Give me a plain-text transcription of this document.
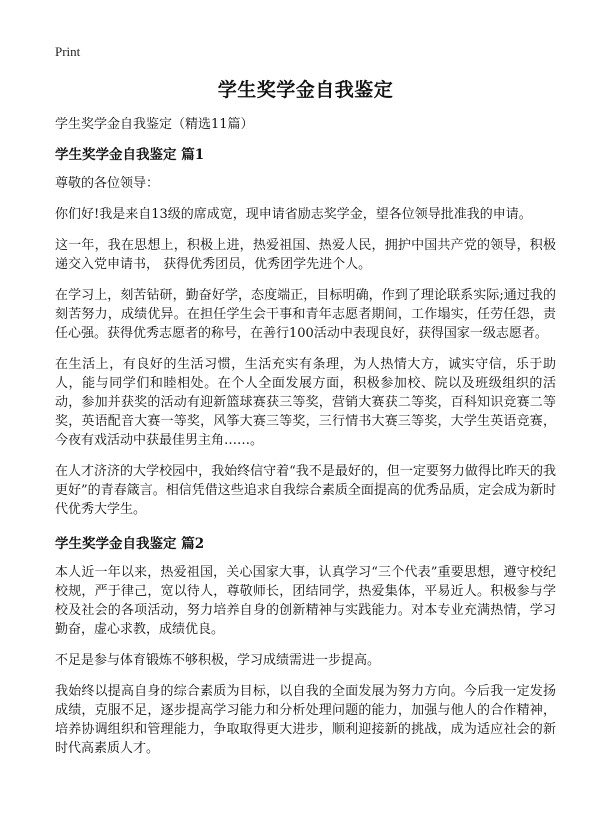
Print
学生奖学金自我鉴定
学生奖学金自我鉴定（精选11篇）
学生奖学金自我鉴定 篇1

尊敬的各位领导：

你们好!我是来自13级的席成宽，现申请省励志奖学金，望各位领导批准我的申请。

这一年，我在思想上，积极上进，热爱祖国、热爱人民，拥护中国共产党的领导，积极递交入党申请书， 获得优秀团员，优秀团学先进个人。

在学习上，刻苦钻研，勤奋好学，态度端正，目标明确，作到了理论联系实际;通过我的刻苦努力，成绩优异。在担任学生会干事和青年志愿者期间，工作塌实，任劳任怨，责任心强。获得优秀志愿者的称号，在善行100活动中表现良好，获得国家一级志愿者。

在生活上，有良好的生活习惯，生活充实有条理，为人热情大方，诚实守信，乐于助人，能与同学们和睦相处。在个人全面发展方面，积极参加校、院以及班级组织的活动，参加并获奖的活动有迎新篮球赛获三等奖，营销大赛获二等奖，百科知识竞赛二等奖，英语配音大赛一等奖，风筝大赛三等奖，三行情书大赛三等奖，大学生英语竞赛，今夜有戏活动中获最佳男主角……。

在人才济济的大学校园中，我始终信守着“我不是最好的，但一定要努力做得比昨天的我更好”的青春箴言。相信凭借这些追求自我综合素质全面提高的优秀品质，定会成为新时代优秀大学生。

学生奖学金自我鉴定 篇2

本人近一年以来，热爱祖国，关心国家大事，认真学习“三个代表”重要思想，遵守校纪校规，严于律己，宽以待人，尊敬师长，团结同学，热爱集体，平易近人。积极参与学校及社会的各项活动，努力培养自身的创新精神与实践能力。对本专业充满热情，学习勤奋，虚心求教，成绩优良。

不足是参与体育锻炼不够积极，学习成绩需进一步提高。

我始终以提高自身的综合素质为目标，以自我的全面发展为努力方向。今后我一定发扬成绩，克服不足，逐步提高学习能力和分析处理问题的能力，加强与他人的合作精神，培养协调组织和管理能力，争取取得更大进步，顺利迎接新的挑战，成为适应社会的新时代高素质人才。
